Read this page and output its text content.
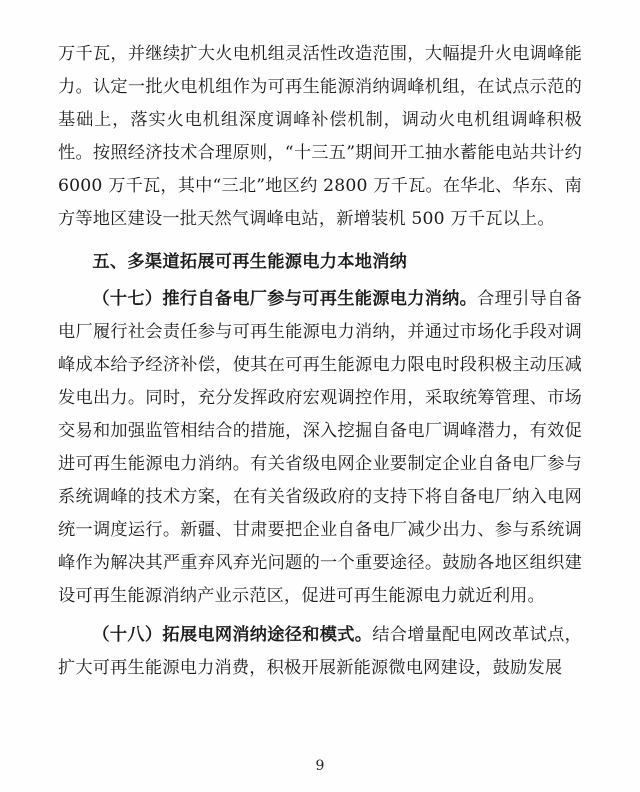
万千瓦，并继续扩大火电机组灵活性改造范围，大幅提升火电调峰能力。认定一批火电机组作为可再生能源消纳调峰机组，在试点示范的基础上，落实火电机组深度调峰补偿机制，调动火电机组调峰积极性。按照经济技术合理原则，“十三五”期间开工抽水蓄能电站共计约 6000 万千瓦，其中“三北”地区约 2800 万千瓦。在华北、华东、南方等地区建设一批天然气调峰电站，新增装机 500 万千瓦以上。

五、多渠道拓展可再生能源电力本地消纳

（十七）推行自备电厂参与可再生能源电力消纳。合理引导自备电厂履行社会责任参与可再生能源电力消纳，并通过市场化手段对调峰成本给予经济补偿，使其在可再生能源电力限电时段积极主动压减发电出力。同时，充分发挥政府宏观调控作用，采取统筹管理、市场交易和加强监管相结合的措施，深入挖掘自备电厂调峰潜力，有效促进可再生能源电力消纳。有关省级电网企业要制定企业自备电厂参与系统调峰的技术方案，在有关省级政府的支持下将自备电厂纳入电网统一调度运行。新疆、甘肃要把企业自备电厂减少出力、参与系统调峰作为解决其严重弃风弃光问题的一个重要途径。鼓励各地区组织建设可再生能源消纳产业示范区，促进可再生能源电力就近利用。

（十八）拓展电网消纳途径和模式。结合增量配电网改革试点，扩大可再生能源电力消费，积极开展新能源微电网建设，鼓励发展

9
